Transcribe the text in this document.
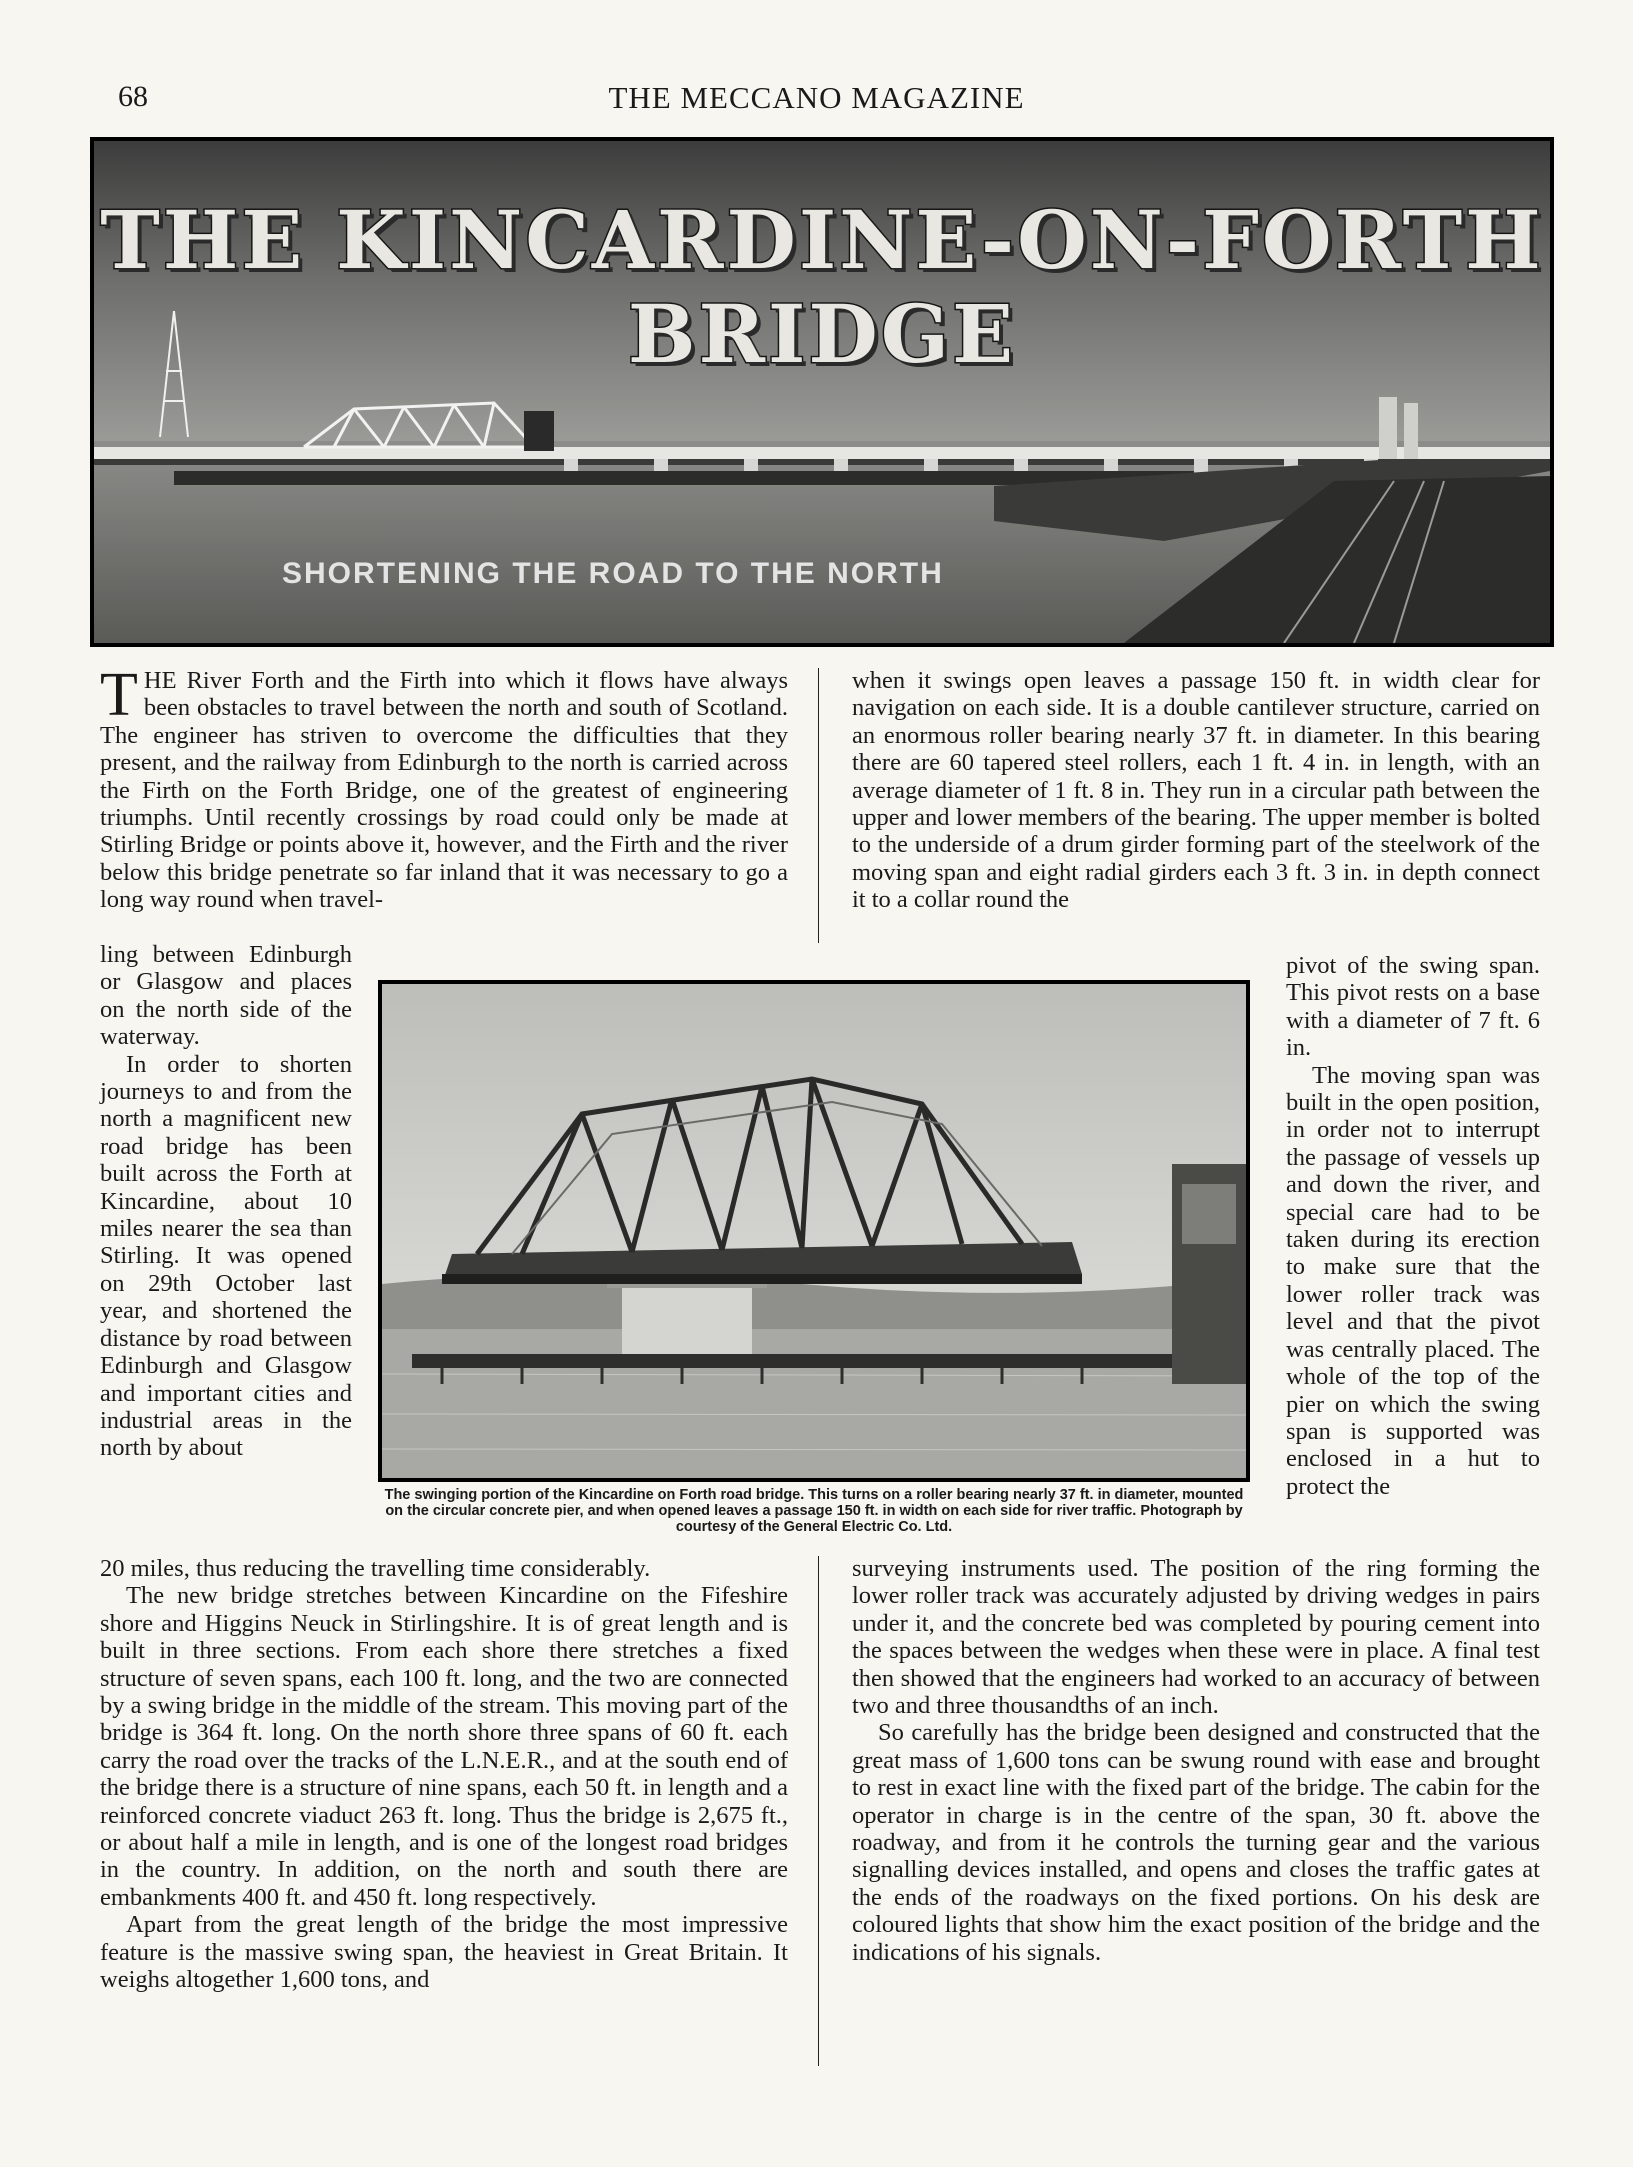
68	THE MECCANO MAGAZINE
THE KINCARDINE-ON-FORTH BRIDGE
SHORTENING THE ROAD TO THE NORTH

THE River Forth and the Firth into which it flows have always been obstacles to travel between the north and south of Scotland. The engineer has striven to overcome the difficulties that they present, and the railway from Edinburgh to the north is carried across the Firth on the Forth Bridge, one of the greatest of engineering triumphs. Until recently crossings by road could only be made at Stirling Bridge or points above it, however, and the Firth and the river below this bridge penetrate so far inland that it was necessary to go a long way round when travel-

when it swings open leaves a passage 150 ft. in width clear for navigation on each side. It is a double cantilever structure, carried on an enormous roller bearing nearly 37 ft. in diameter. In this bearing there are 60 tapered steel rollers, each 1 ft. 4 in. in length, with an average diameter of 1 ft. 8 in. They run in a circular path between the upper and lower members of the bearing. The upper member is bolted to the underside of a drum girder forming part of the steelwork of the moving span and eight radial girders each 3 ft. 3 in. in depth connect it to a collar round the

ling between Edinburgh or Glasgow and places on the north side of the waterway.

In order to shorten journeys to and from the north a magnificent new road bridge has been built across the Forth at Kincardine, about 10 miles nearer the sea than Stirling. It was opened on 29th October last year, and shortened the distance by road between Edinburgh and Glasgow and important cities and industrial areas in the north by about

pivot of the swing span. This pivot rests on a base with a diameter of 7 ft. 6 in.

The moving span was built in the open position, in order not to interrupt the passage of vessels up and down the river, and special care had to be taken during its erection to make sure that the lower roller track was level and that the pivot was centrally placed. The whole of the top of the pier on which the swing span is supported was enclosed in a hut to protect the

The swinging portion of the Kincardine on Forth road bridge. This turns on a roller bearing nearly 37 ft. in diameter, mounted on the circular concrete pier, and when opened leaves a passage 150 ft. in width on each side for river traffic. Photograph by courtesy of the General Electric Co. Ltd.

20 miles, thus reducing the travelling time considerably.

The new bridge stretches between Kincardine on the Fifeshire shore and Higgins Neuck in Stirlingshire. It is of great length and is built in three sections. From each shore there stretches a fixed structure of seven spans, each 100 ft. long, and the two are connected by a swing bridge in the middle of the stream. This moving part of the bridge is 364 ft. long. On the north shore three spans of 60 ft. each carry the road over the tracks of the L.N.E.R., and at the south end of the bridge there is a structure of nine spans, each 50 ft. in length and a reinforced concrete viaduct 263 ft. long. Thus the bridge is 2,675 ft., or about half a mile in length, and is one of the longest road bridges in the country. In addition, on the north and south there are embankments 400 ft. and 450 ft. long respectively.

Apart from the great length of the bridge the most impressive feature is the massive swing span, the heaviest in Great Britain. It weighs altogether 1,600 tons, and

surveying instruments used. The position of the ring forming the lower roller track was accurately adjusted by driving wedges in pairs under it, and the concrete bed was completed by pouring cement into the spaces between the wedges when these were in place. A final test then showed that the engineers had worked to an accuracy of between two and three thousandths of an inch.

So carefully has the bridge been designed and constructed that the great mass of 1,600 tons can be swung round with ease and brought to rest in exact line with the fixed part of the bridge. The cabin for the operator in charge is in the centre of the span, 30 ft. above the roadway, and from it he controls the turning gear and the various signalling devices installed, and opens and closes the traffic gates at the ends of the roadways on the fixed portions. On his desk are coloured lights that show him the exact position of the bridge and the indications of his signals.
